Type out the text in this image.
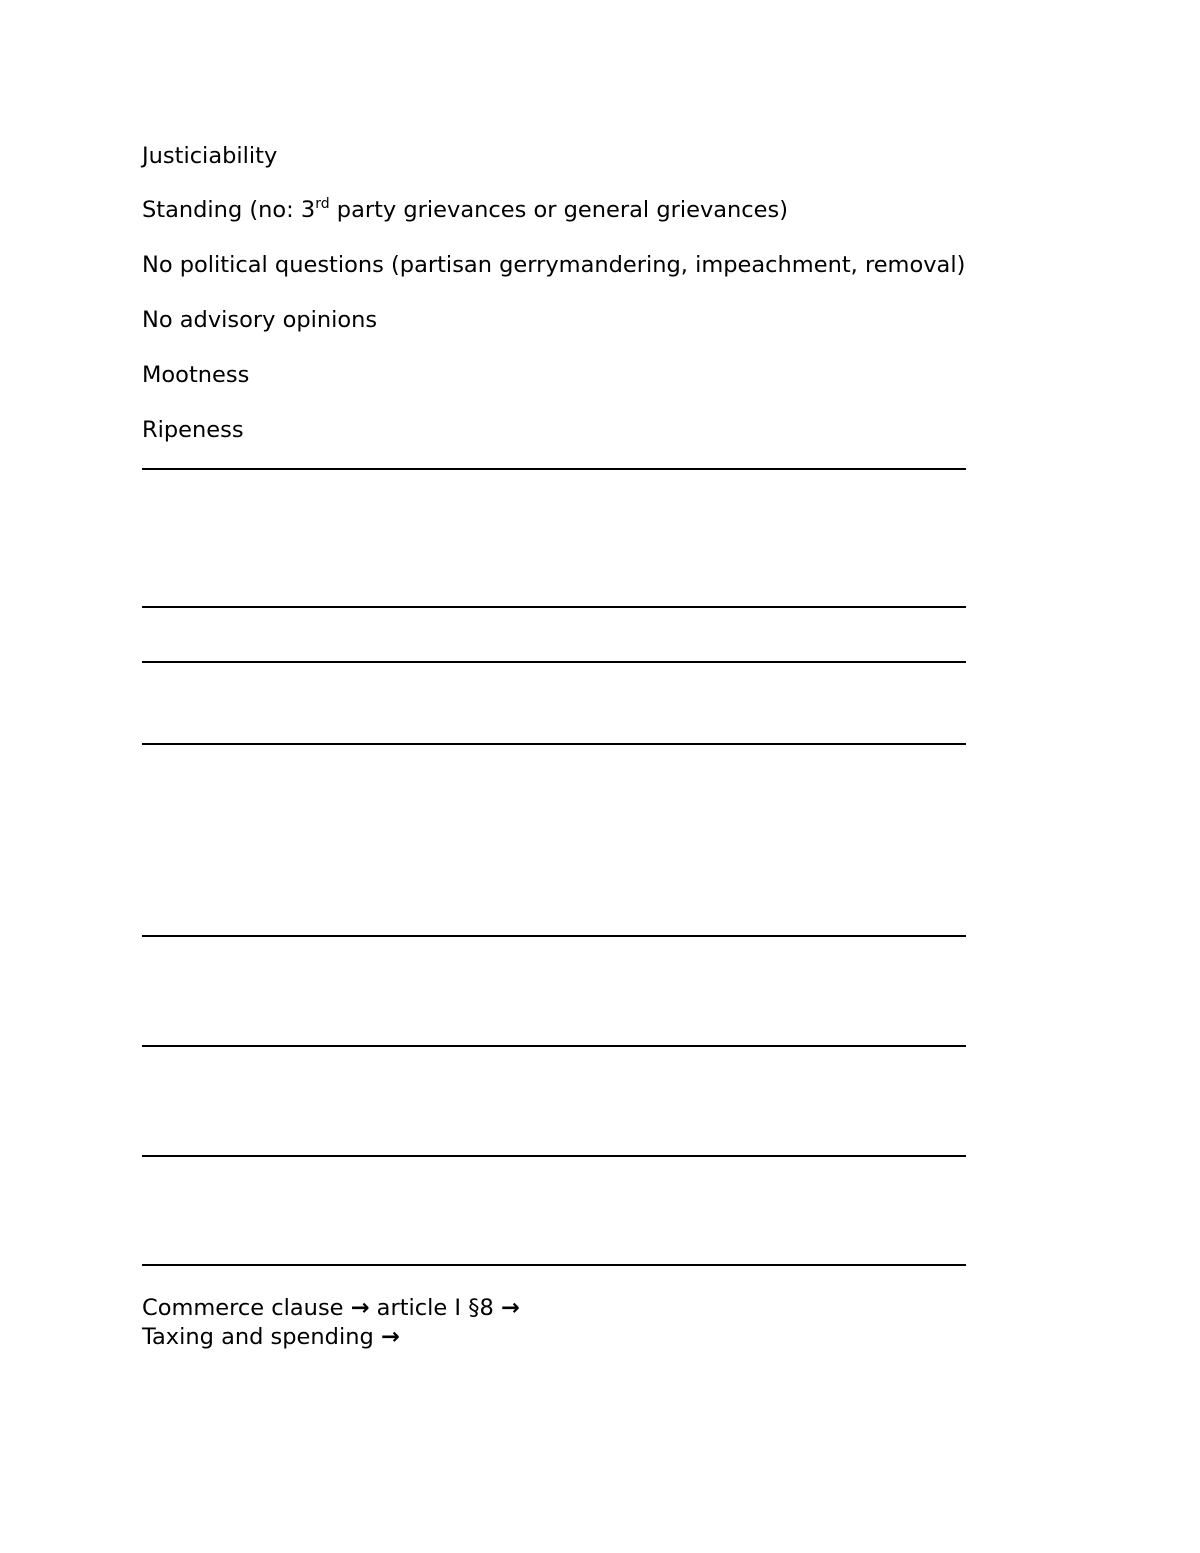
Justiciability
Standing (no: 3rd party grievances or general grievances)
No political questions (partisan gerrymandering, impeachment, removal)
No advisory opinions
Mootness
Ripeness
Commerce clause → article I §8 →
Taxing and spending →
